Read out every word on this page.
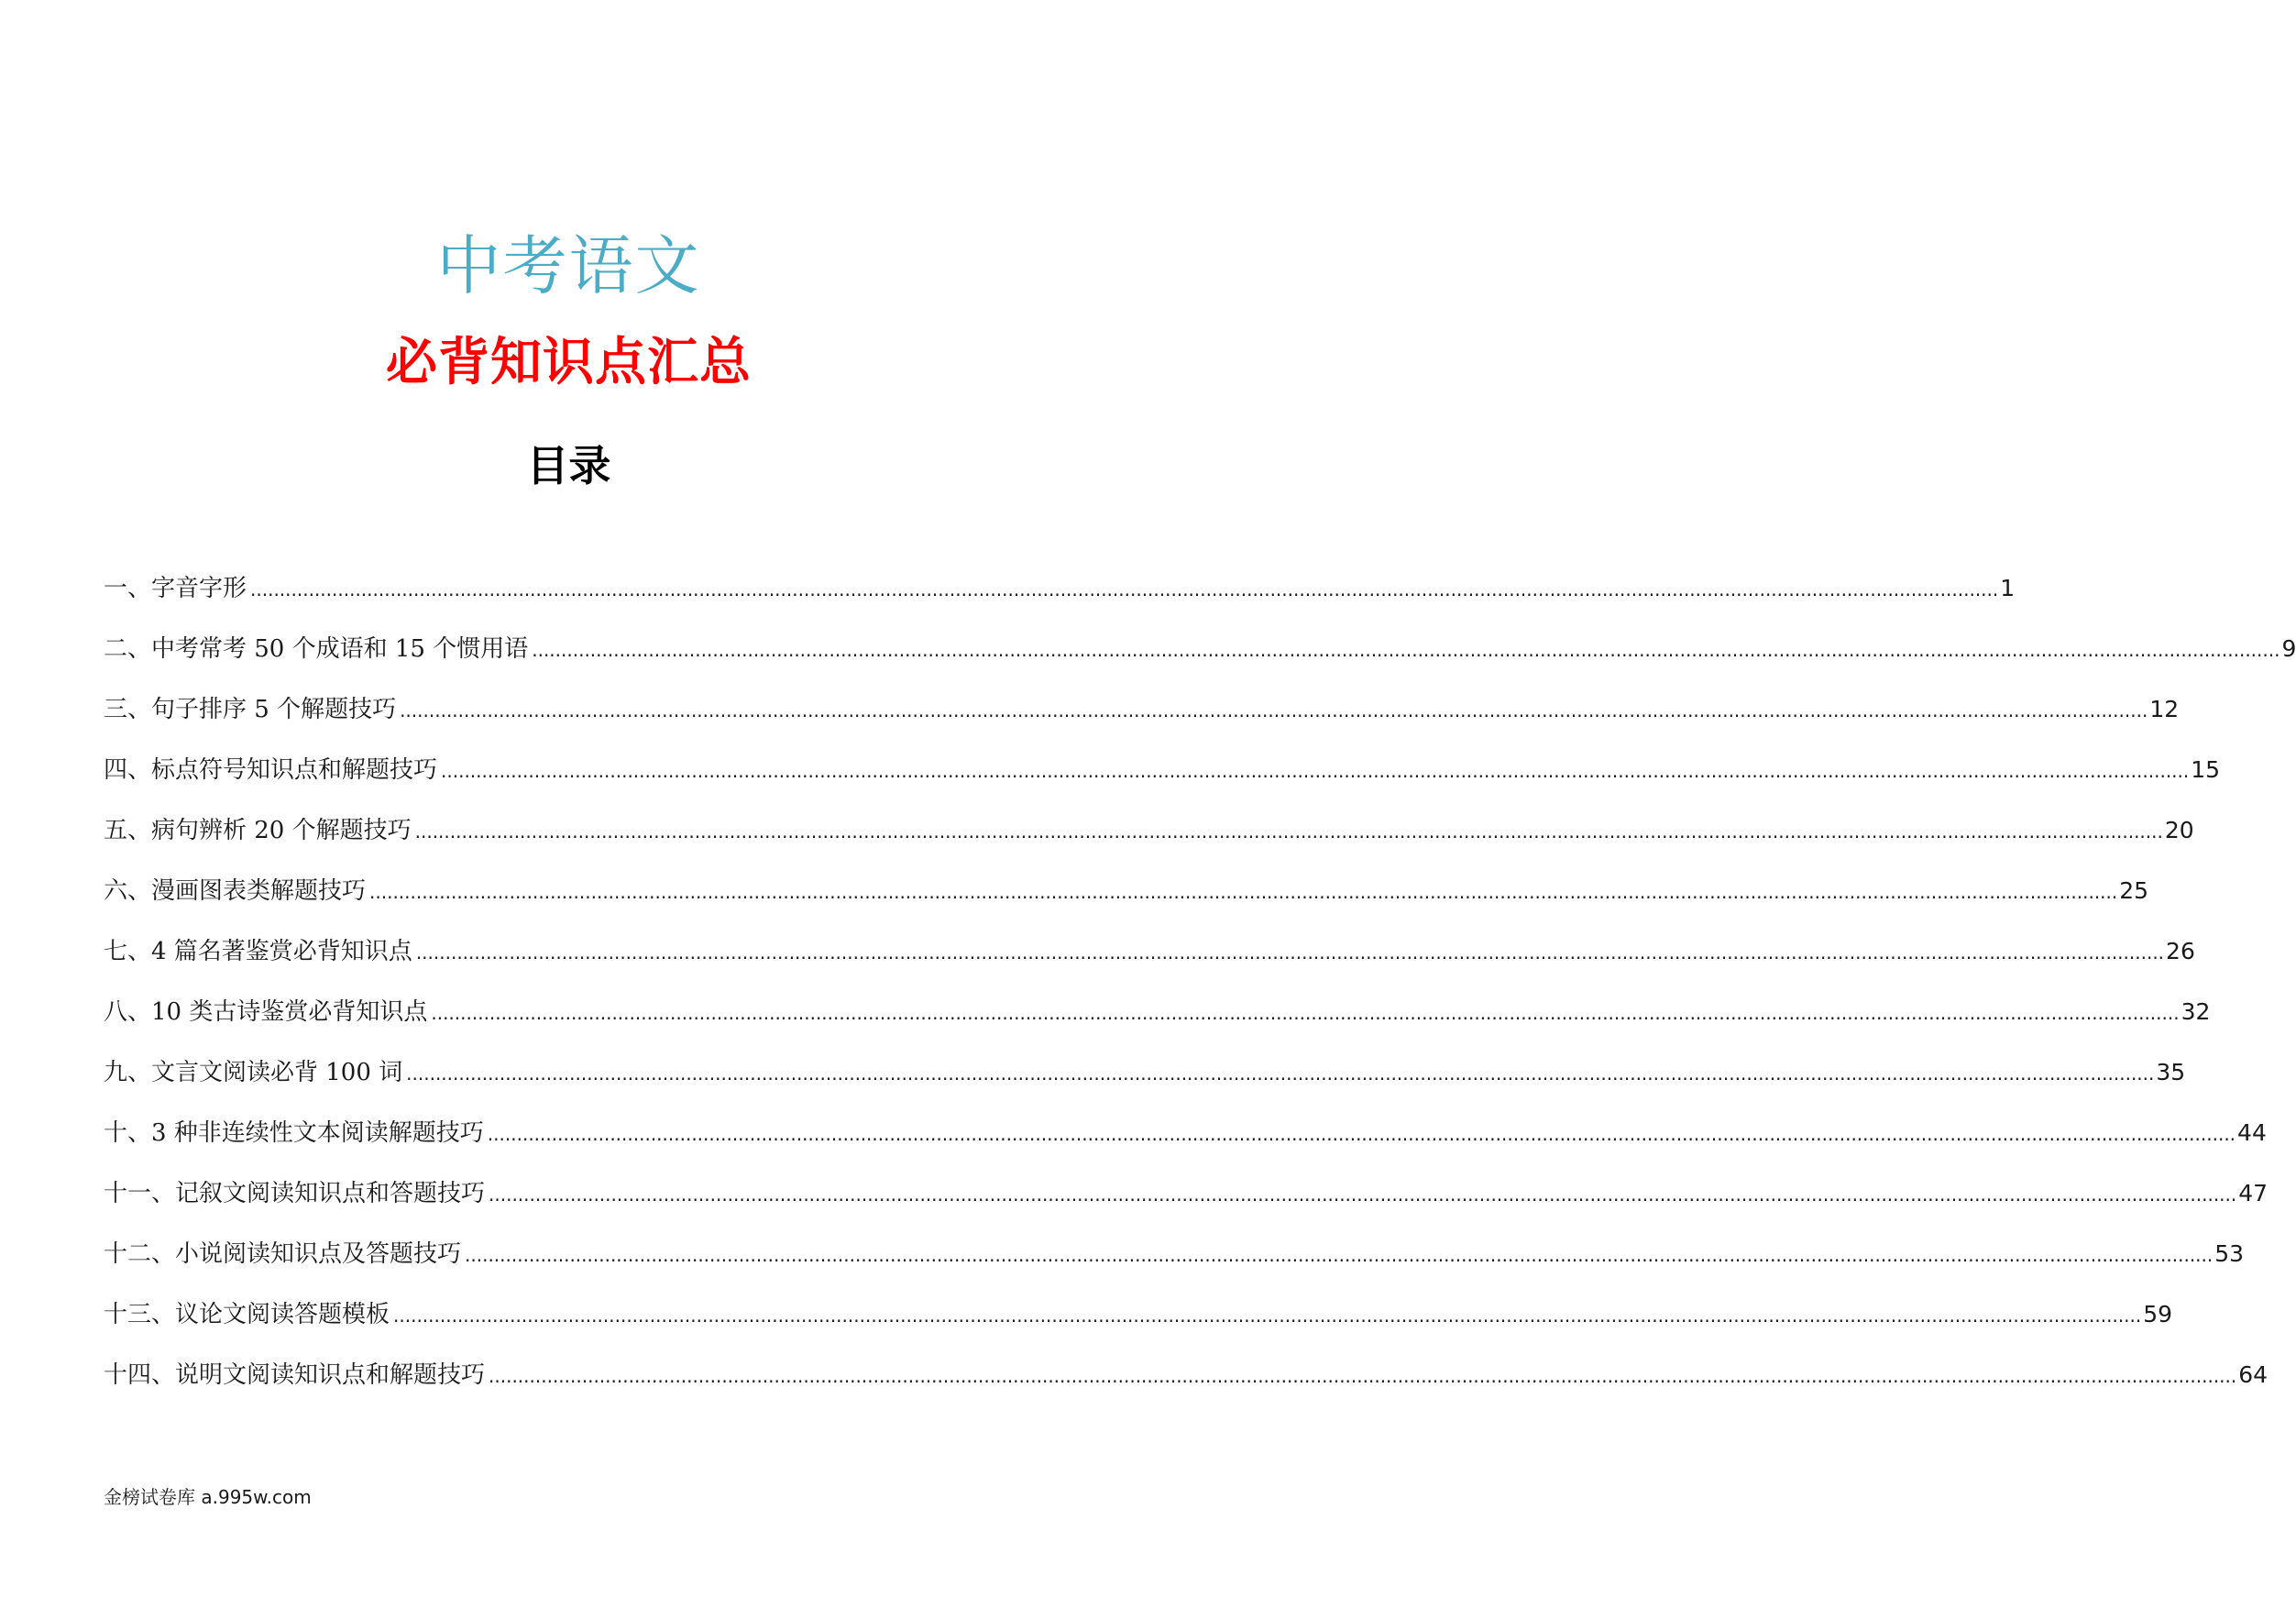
中考语文
必背知识点汇总
目录
一、字音字形 ............................................................................................................................................................................................................................................................................................................ 1
二、中考常考 50 个成语和 15 个惯用语 ............................................................................................................................................................................................................................................................................................................ 9
三、句子排序 5 个解题技巧 ............................................................................................................................................................................................................................................................................................................ 12
四、标点符号知识点和解题技巧 ............................................................................................................................................................................................................................................................................................................ 15
五、病句辨析 20 个解题技巧 ............................................................................................................................................................................................................................................................................................................ 20
六、漫画图表类解题技巧 ............................................................................................................................................................................................................................................................................................................ 25
七、4 篇名著鉴赏必背知识点 ............................................................................................................................................................................................................................................................................................................ 26
八、10 类古诗鉴赏必背知识点 ............................................................................................................................................................................................................................................................................................................ 32
九、文言文阅读必背 100 词 ............................................................................................................................................................................................................................................................................................................ 35
十、3 种非连续性文本阅读解题技巧 ............................................................................................................................................................................................................................................................................................................ 44
十一、记叙文阅读知识点和答题技巧 ............................................................................................................................................................................................................................................................................................................ 47
十二、小说阅读知识点及答题技巧 ............................................................................................................................................................................................................................................................................................................ 53
十三、议论文阅读答题模板 ............................................................................................................................................................................................................................................................................................................ 59
十四、说明文阅读知识点和解题技巧 ............................................................................................................................................................................................................................................................................................................ 64
金榜试卷库 a.995w.com
